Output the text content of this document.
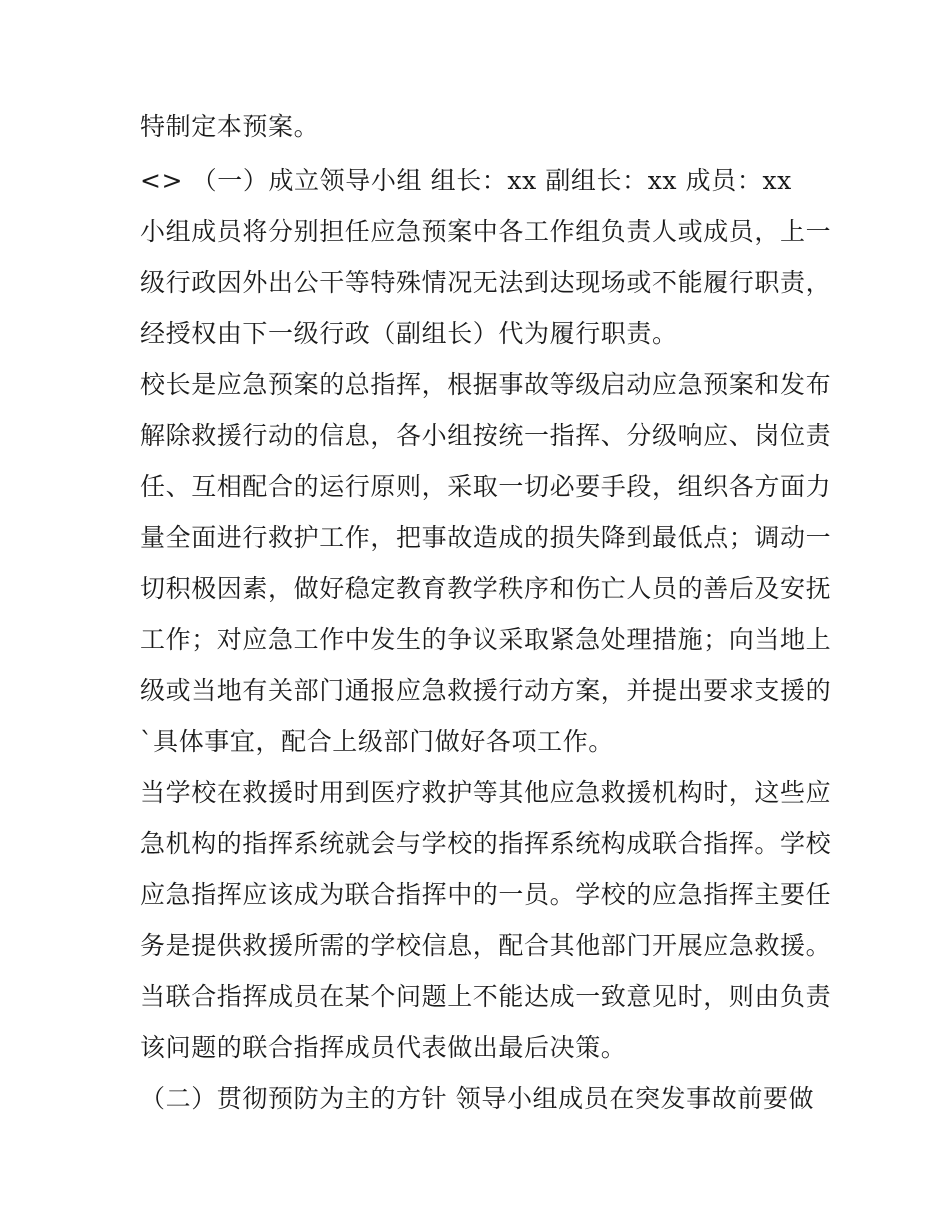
特制定本预案。
<> （一）成立领导小组 组长：xx 副组长：xx 成员：xx
小组成员将分别担任应急预案中各工作组负责人或成员，上一
级行政因外出公干等特殊情况无法到达现场或不能履行职责，
经授权由下一级行政（副组长）代为履行职责。
校长是应急预案的总指挥，根据事故等级启动应急预案和发布
解除救援行动的信息，各小组按统一指挥、分级响应、岗位责
任、互相配合的运行原则，采取一切必要手段，组织各方面力
量全面进行救护工作，把事故造成的损失降到最低点；调动一
切积极因素，做好稳定教育教学秩序和伤亡人员的善后及安抚
工作；对应急工作中发生的争议采取紧急处理措施；向当地上
级或当地有关部门通报应急救援行动方案，并提出要求支援的
`具体事宜，配合上级部门做好各项工作。
当学校在救援时用到医疗救护等其他应急救援机构时，这些应
急机构的指挥系统就会与学校的指挥系统构成联合指挥。学校
应急指挥应该成为联合指挥中的一员。学校的应急指挥主要任
务是提供救援所需的学校信息，配合其他部门开展应急救援。
当联合指挥成员在某个问题上不能达成一致意见时，则由负责
该问题的联合指挥成员代表做出最后决策。
（二）贯彻预防为主的方针 领导小组成员在突发事故前要做
